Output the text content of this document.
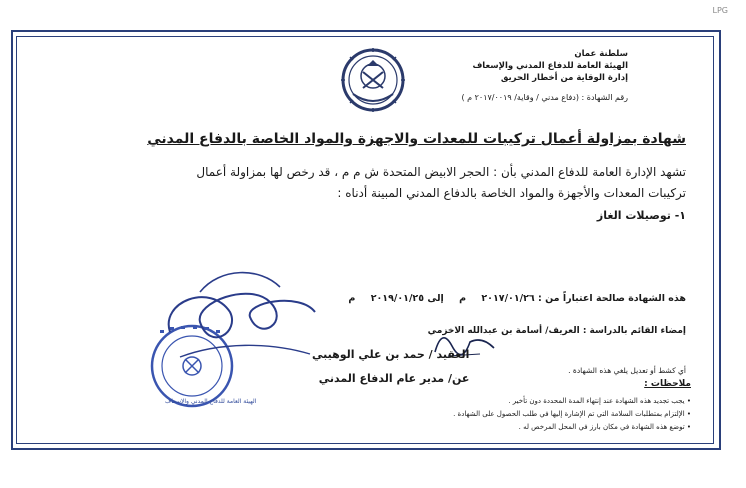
LPG
سلطنة عمان
الهيئة العامة للدفاع المدني والإسعاف
إدارة الوقاية من أخطار الحريق
رقم الشهادة : (دفاع مدني / وقاية/ ٢٠١٧/٠٠١٩ م )
شهادة بمزاولة أعمال تركيبات للمعدات والاجهزة والمواد الخاصة بالدفاع المدني
تشهد الإدارة العامة للدفاع المدني بأن : الحجر الابيض المتحدة ش م م ، قد رخص لها بمزاولة أعمال
تركيبات المعدات والأجهزة والمواد الخاصة بالدفاع المدني المبينة أدناه :
١- توصيلات الغاز
هذه الشهادة صالحة اعتباراً من : ٢٠١٧/٠١/٢٦ م إلى ٢٠١٩/٠١/٢٥ م
إمضاء القائم بالدراسة : العريف/ أسامة بن عبدالله الاخزمي
أي كشط أو تعديل يلغي هذه الشهادة .
الهيئة العامة للدفاع المدني والإسعاف
العقيد / حمد بن علي الوهيبي
عن/ مدير عام الدفاع المدني	ملاحظات :
• يجب تجديد هذه الشهادة عند إنتهاء المدة المحددة دون تأخير .
• الإلتزام بمتطلبات السلامة التي تم الإشارة إليها في طلب الحصول على الشهادة .
• توضع هذه الشهادة في مكان بارز في المحل المرخص له .
